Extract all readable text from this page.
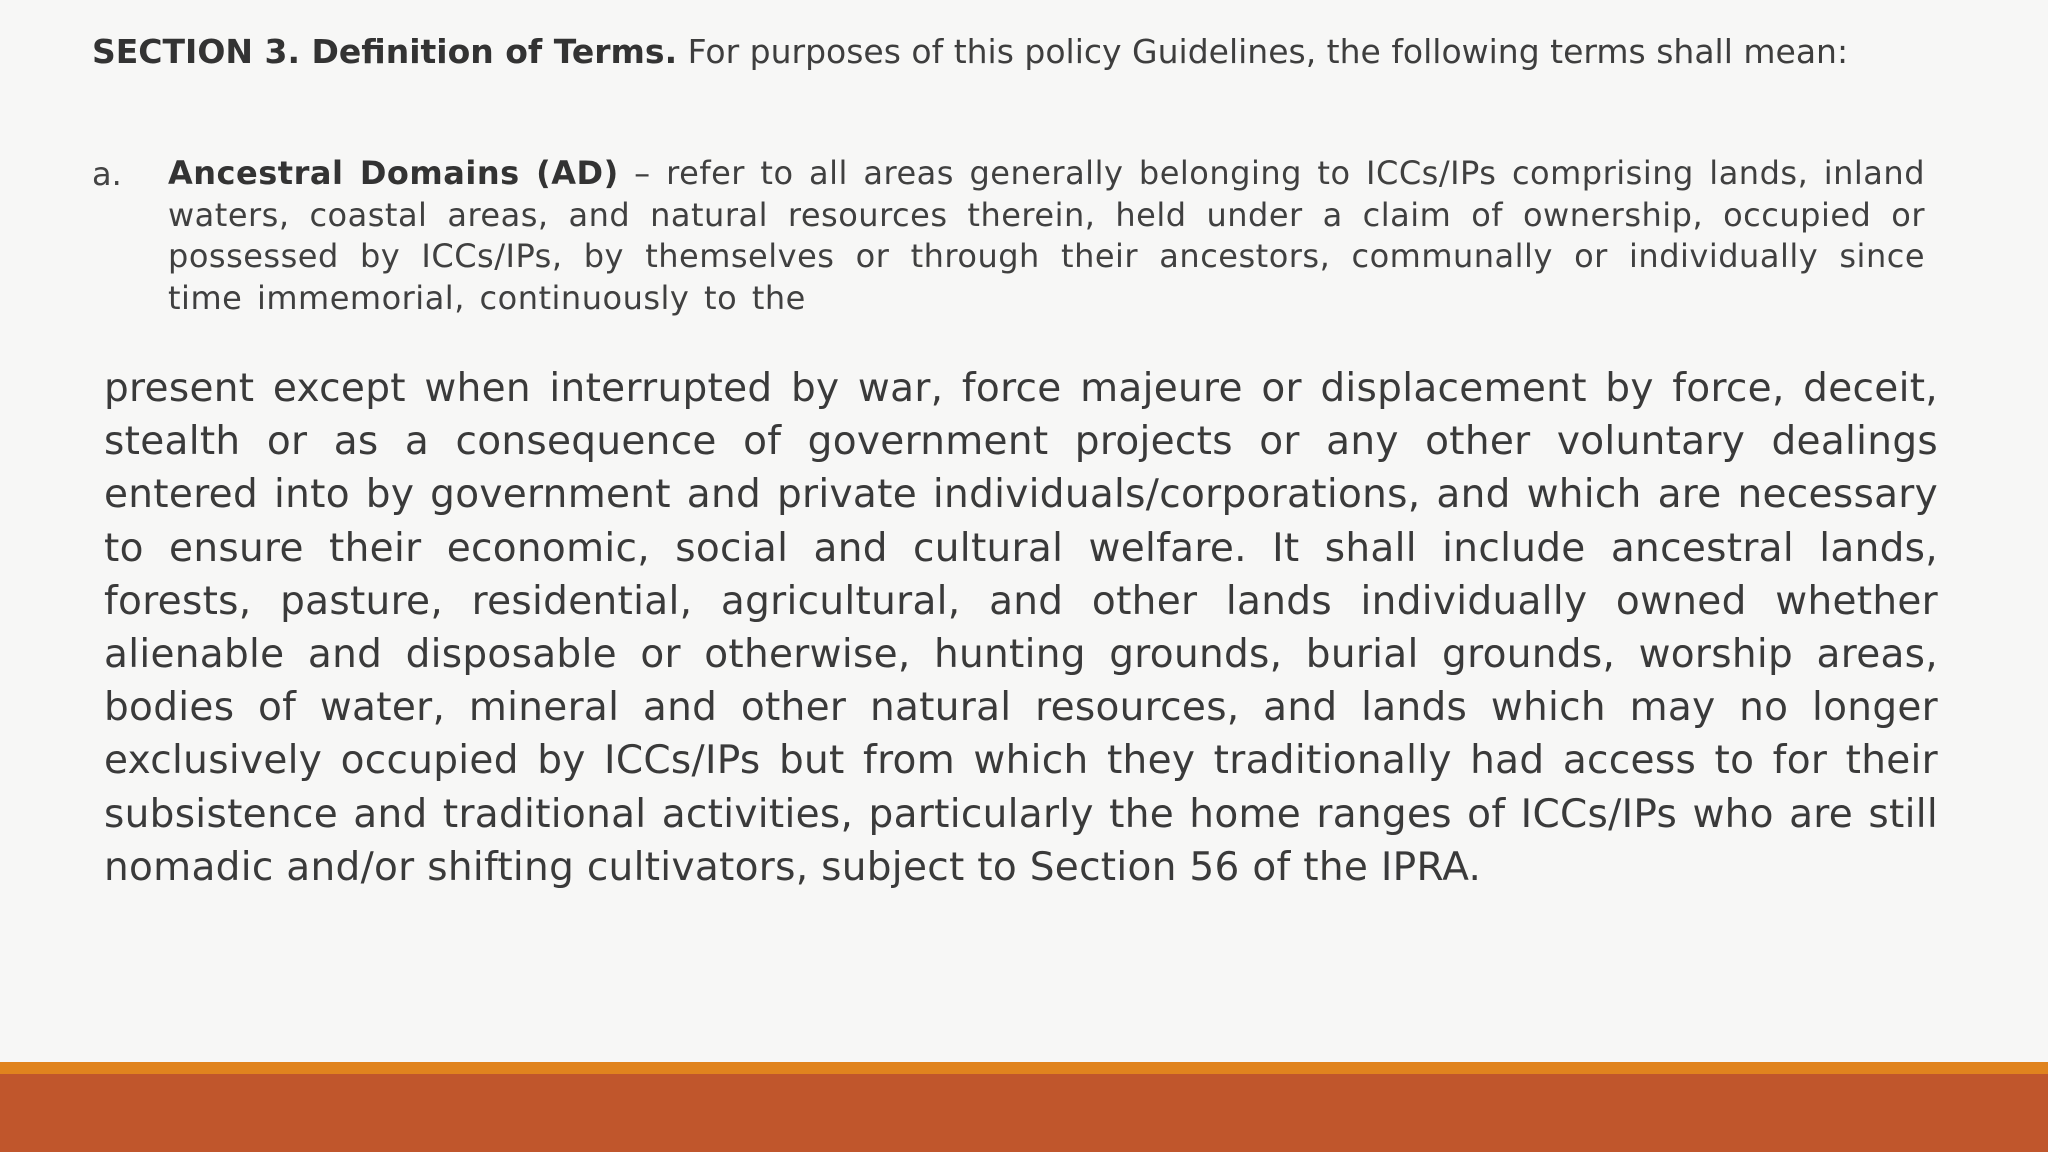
SECTION 3. Definition of Terms. For purposes of this policy Guidelines, the following terms shall mean:
a. Ancestral Domains (AD) – refer to all areas generally belonging to ICCs/IPs comprising lands, inland waters, coastal areas, and natural resources therein, held under a claim of ownership, occupied or possessed by ICCs/IPs, by themselves or through their ancestors, communally or individually since time immemorial, continuously to the
present except when interrupted by war, force majeure or displacement by force, deceit, stealth or as a consequence of government projects or any other voluntary dealings entered into by government and private individuals/corporations, and which are necessary to ensure their economic, social and cultural welfare. It shall include ancestral lands, forests, pasture, residential, agricultural, and other lands individually owned whether alienable and disposable or otherwise, hunting grounds, burial grounds, worship areas, bodies of water, mineral and other natural resources, and lands which may no longer exclusively occupied by ICCs/IPs but from which they traditionally had access to for their subsistence and traditional activities, particularly the home ranges of ICCs/IPs who are still nomadic and/or shifting cultivators, subject to Section 56 of the IPRA.
